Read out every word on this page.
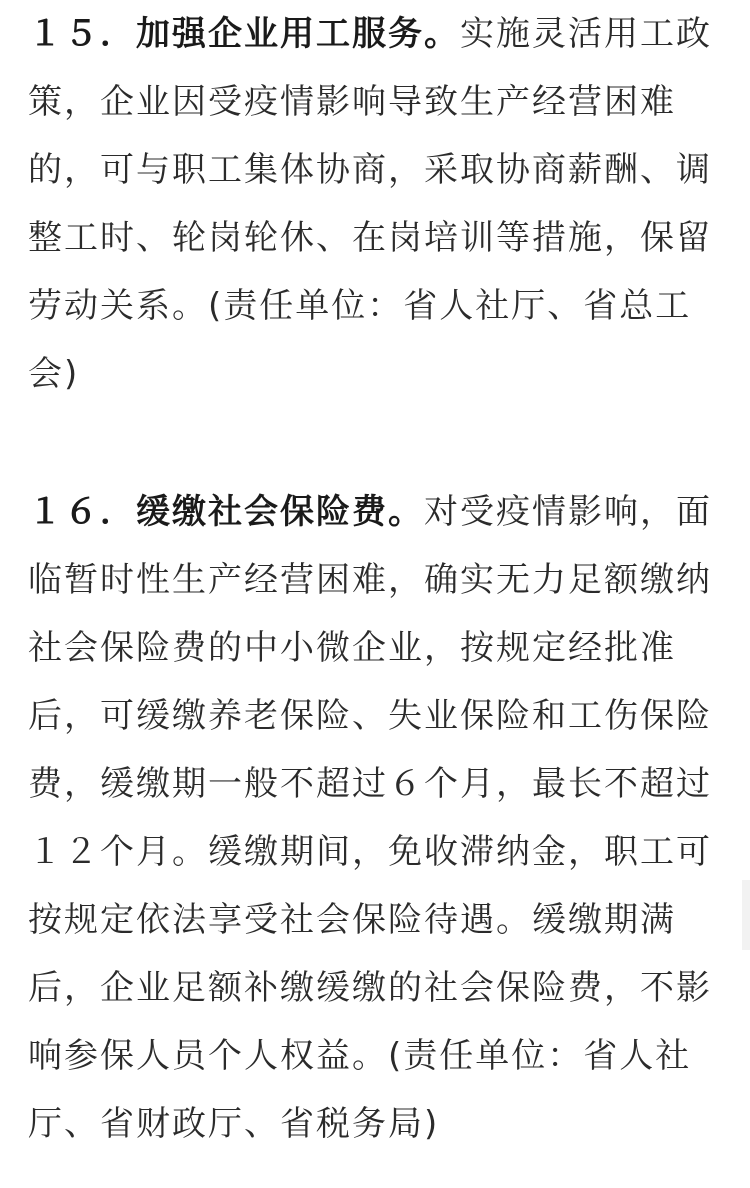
１５．加强企业用工服务。实施灵活用工政
策，企业因受疫情影响导致生产经营困难
的，可与职工集体协商，采取协商薪酬、调
整工时、轮岗轮休、在岗培训等措施，保留
劳动关系。(责任单位：省人社厅、省总工
会)
１６．缓缴社会保险费。对受疫情影响，面
临暂时性生产经营困难，确实无力足额缴纳
社会保险费的中小微企业，按规定经批准
后，可缓缴养老保险、失业保险和工伤保险
费，缓缴期一般不超过６个月，最长不超过
１２个月。缓缴期间，免收滞纳金，职工可
按规定依法享受社会保险待遇。缓缴期满
后，企业足额补缴缓缴的社会保险费，不影
响参保人员个人权益。(责任单位：省人社
厅、省财政厅、省税务局)
